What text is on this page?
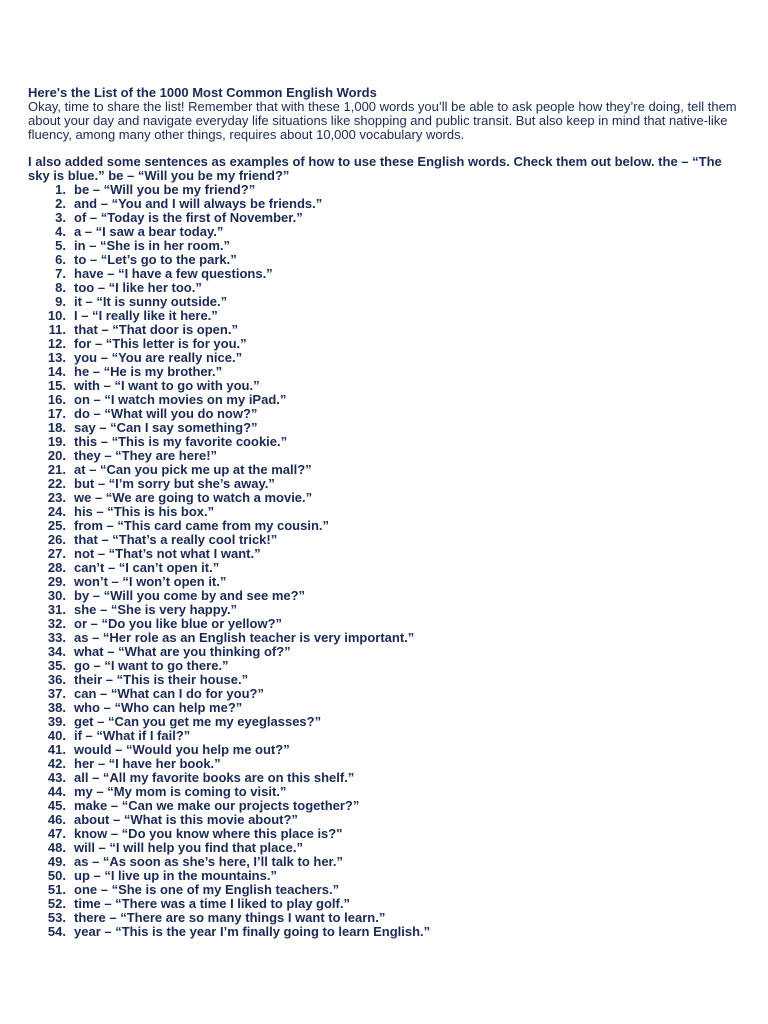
Here's the List of the 1000 Most Common English Words

Okay, time to share the list! Remember that with these 1,000 words you’ll be able to ask people how they’re doing, tell them about your day and navigate everyday life situations like shopping and public transit. But also keep in mind that native-like fluency, among many other things, requires about 10,000 vocabulary words.

I also added some sentences as examples of how to use these English words. Check them out below. the – “The sky is blue.” be – “Will you be my friend?”

1. be – “Will you be my friend?”
2. and – “You and I will always be friends.”
3. of – “Today is the first of November.”
4. a – “I saw a bear today.”
5. in – “She is in her room.”
6. to – “Let’s go to the park.”
7. have – “I have a few questions.”
8. too – “I like her too.”
9. it – “It is sunny outside.”
10. I – “I really like it here.”
11. that – “That door is open.”
12. for – “This letter is for you.”
13. you – “You are really nice.”
14. he – “He is my brother.”
15. with – “I want to go with you.”
16. on – “I watch movies on my iPad.”
17. do – “What will you do now?”
18. say – “Can I say something?”
19. this – “This is my favorite cookie.”
20. they – “They are here!”
21. at – “Can you pick me up at the mall?”
22. but – “I’m sorry but she’s away.”
23. we – “We are going to watch a movie.”
24. his – “This is his box.”
25. from – “This card came from my cousin.”
26. that – “That’s a really cool trick!”
27. not – “That’s not what I want.”
28. can’t – “I can’t open it.”
29. won’t – “I won’t open it.”
30. by – “Will you come by and see me?”
31. she – “She is very happy.”
32. or – “Do you like blue or yellow?”
33. as – “Her role as an English teacher is very important.”
34. what – “What are you thinking of?”
35. go – “I want to go there.”
36. their – “This is their house.”
37. can – “What can I do for you?”
38. who – “Who can help me?”
39. get – “Can you get me my eyeglasses?”
40. if – “What if I fail?”
41. would – “Would you help me out?”
42. her – “I have her book.”
43. all – “All my favorite books are on this shelf.”
44. my – “My mom is coming to visit.”
45. make – “Can we make our projects together?”
46. about – “What is this movie about?”
47. know – “Do you know where this place is?"
48. will – “I will help you find that place.”
49. as – “As soon as she’s here, I’ll talk to her.”
50. up – “I live up in the mountains.”
51. one – “She is one of my English teachers.”
52. time – “There was a time I liked to play golf.”
53. there – “There are so many things I want to learn.”
54. year – “This is the year I’m finally going to learn English.”
